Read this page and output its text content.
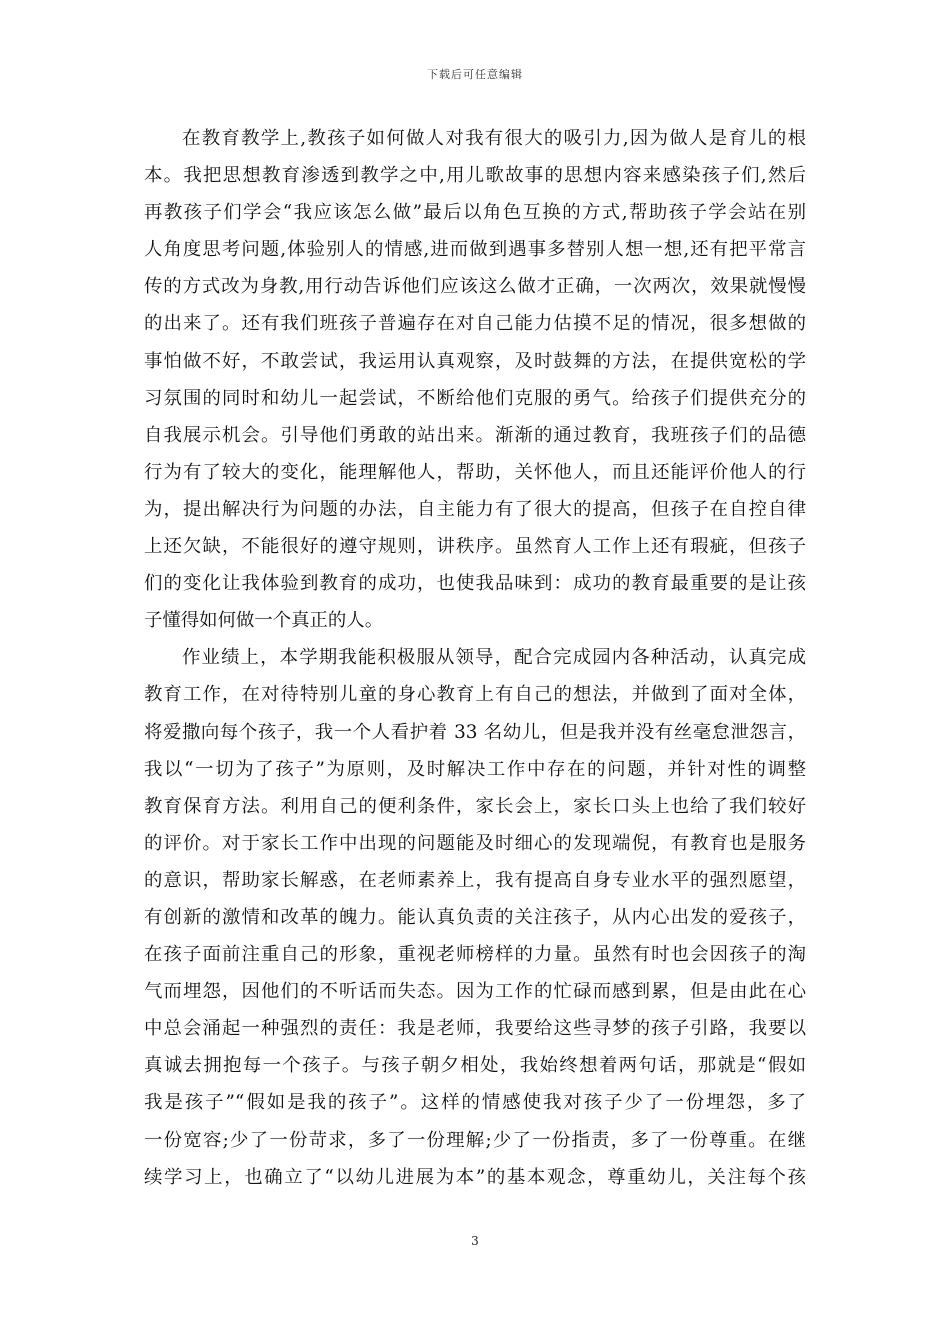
下载后可任意编辑
在教育教学上,教孩子如何做人对我有很大的吸引力,因为做人是育儿的根
本。我把思想教育渗透到教学之中,用儿歌故事的思想内容来感染孩子们,然后
再教孩子们学会“我应该怎么做”最后以角色互换的方式,帮助孩子学会站在别
人角度思考问题,体验别人的情感,进而做到遇事多替别人想一想,还有把平常言
传的方式改为身教,用行动告诉他们应该这么做才正确，一次两次，效果就慢慢
的出来了。还有我们班孩子普遍存在对自己能力估摸不足的情况，很多想做的
事怕做不好，不敢尝试，我运用认真观察，及时鼓舞的方法，在提供宽松的学
习氛围的同时和幼儿一起尝试，不断给他们克服的勇气。给孩子们提供充分的
自我展示机会。引导他们勇敢的站出来。渐渐的通过教育，我班孩子们的品德
行为有了较大的变化，能理解他人，帮助，关怀他人，而且还能评价他人的行
为，提出解决行为问题的办法，自主能力有了很大的提高，但孩子在自控自律
上还欠缺，不能很好的遵守规则，讲秩序。虽然育人工作上还有瑕疵，但孩子
们的变化让我体验到教育的成功，也使我品味到：成功的教育最重要的是让孩
子懂得如何做一个真正的人。
作业绩上，本学期我能积极服从领导，配合完成园内各种活动，认真完成
教育工作，在对待特别儿童的身心教育上有自己的想法，并做到了面对全体，
将爱撒向每个孩子，我一个人看护着 33 名幼儿，但是我并没有丝毫怠泄怨言，
我以“一切为了孩子”为原则，及时解决工作中存在的问题，并针对性的调整
教育保育方法。利用自己的便利条件，家长会上，家长口头上也给了我们较好
的评价。对于家长工作中出现的问题能及时细心的发现端倪，有教育也是服务
的意识，帮助家长解惑，在老师素养上，我有提高自身专业水平的强烈愿望，
有创新的激情和改革的魄力。能认真负责的关注孩子，从内心出发的爱孩子，
在孩子面前注重自己的形象，重视老师榜样的力量。虽然有时也会因孩子的淘
气而埋怨，因他们的不听话而失态。因为工作的忙碌而感到累，但是由此在心
中总会涌起一种强烈的责任：我是老师，我要给这些寻梦的孩子引路，我要以
真诚去拥抱每一个孩子。与孩子朝夕相处，我始终想着两句话，那就是“假如
我是孩子”“假如是我的孩子”。这样的情感使我对孩子少了一份埋怨，多了
一份宽容;少了一份苛求，多了一份理解;少了一份指责，多了一份尊重。在继
续学习上，也确立了“以幼儿进展为本”的基本观念，尊重幼儿，关注每个孩
3
